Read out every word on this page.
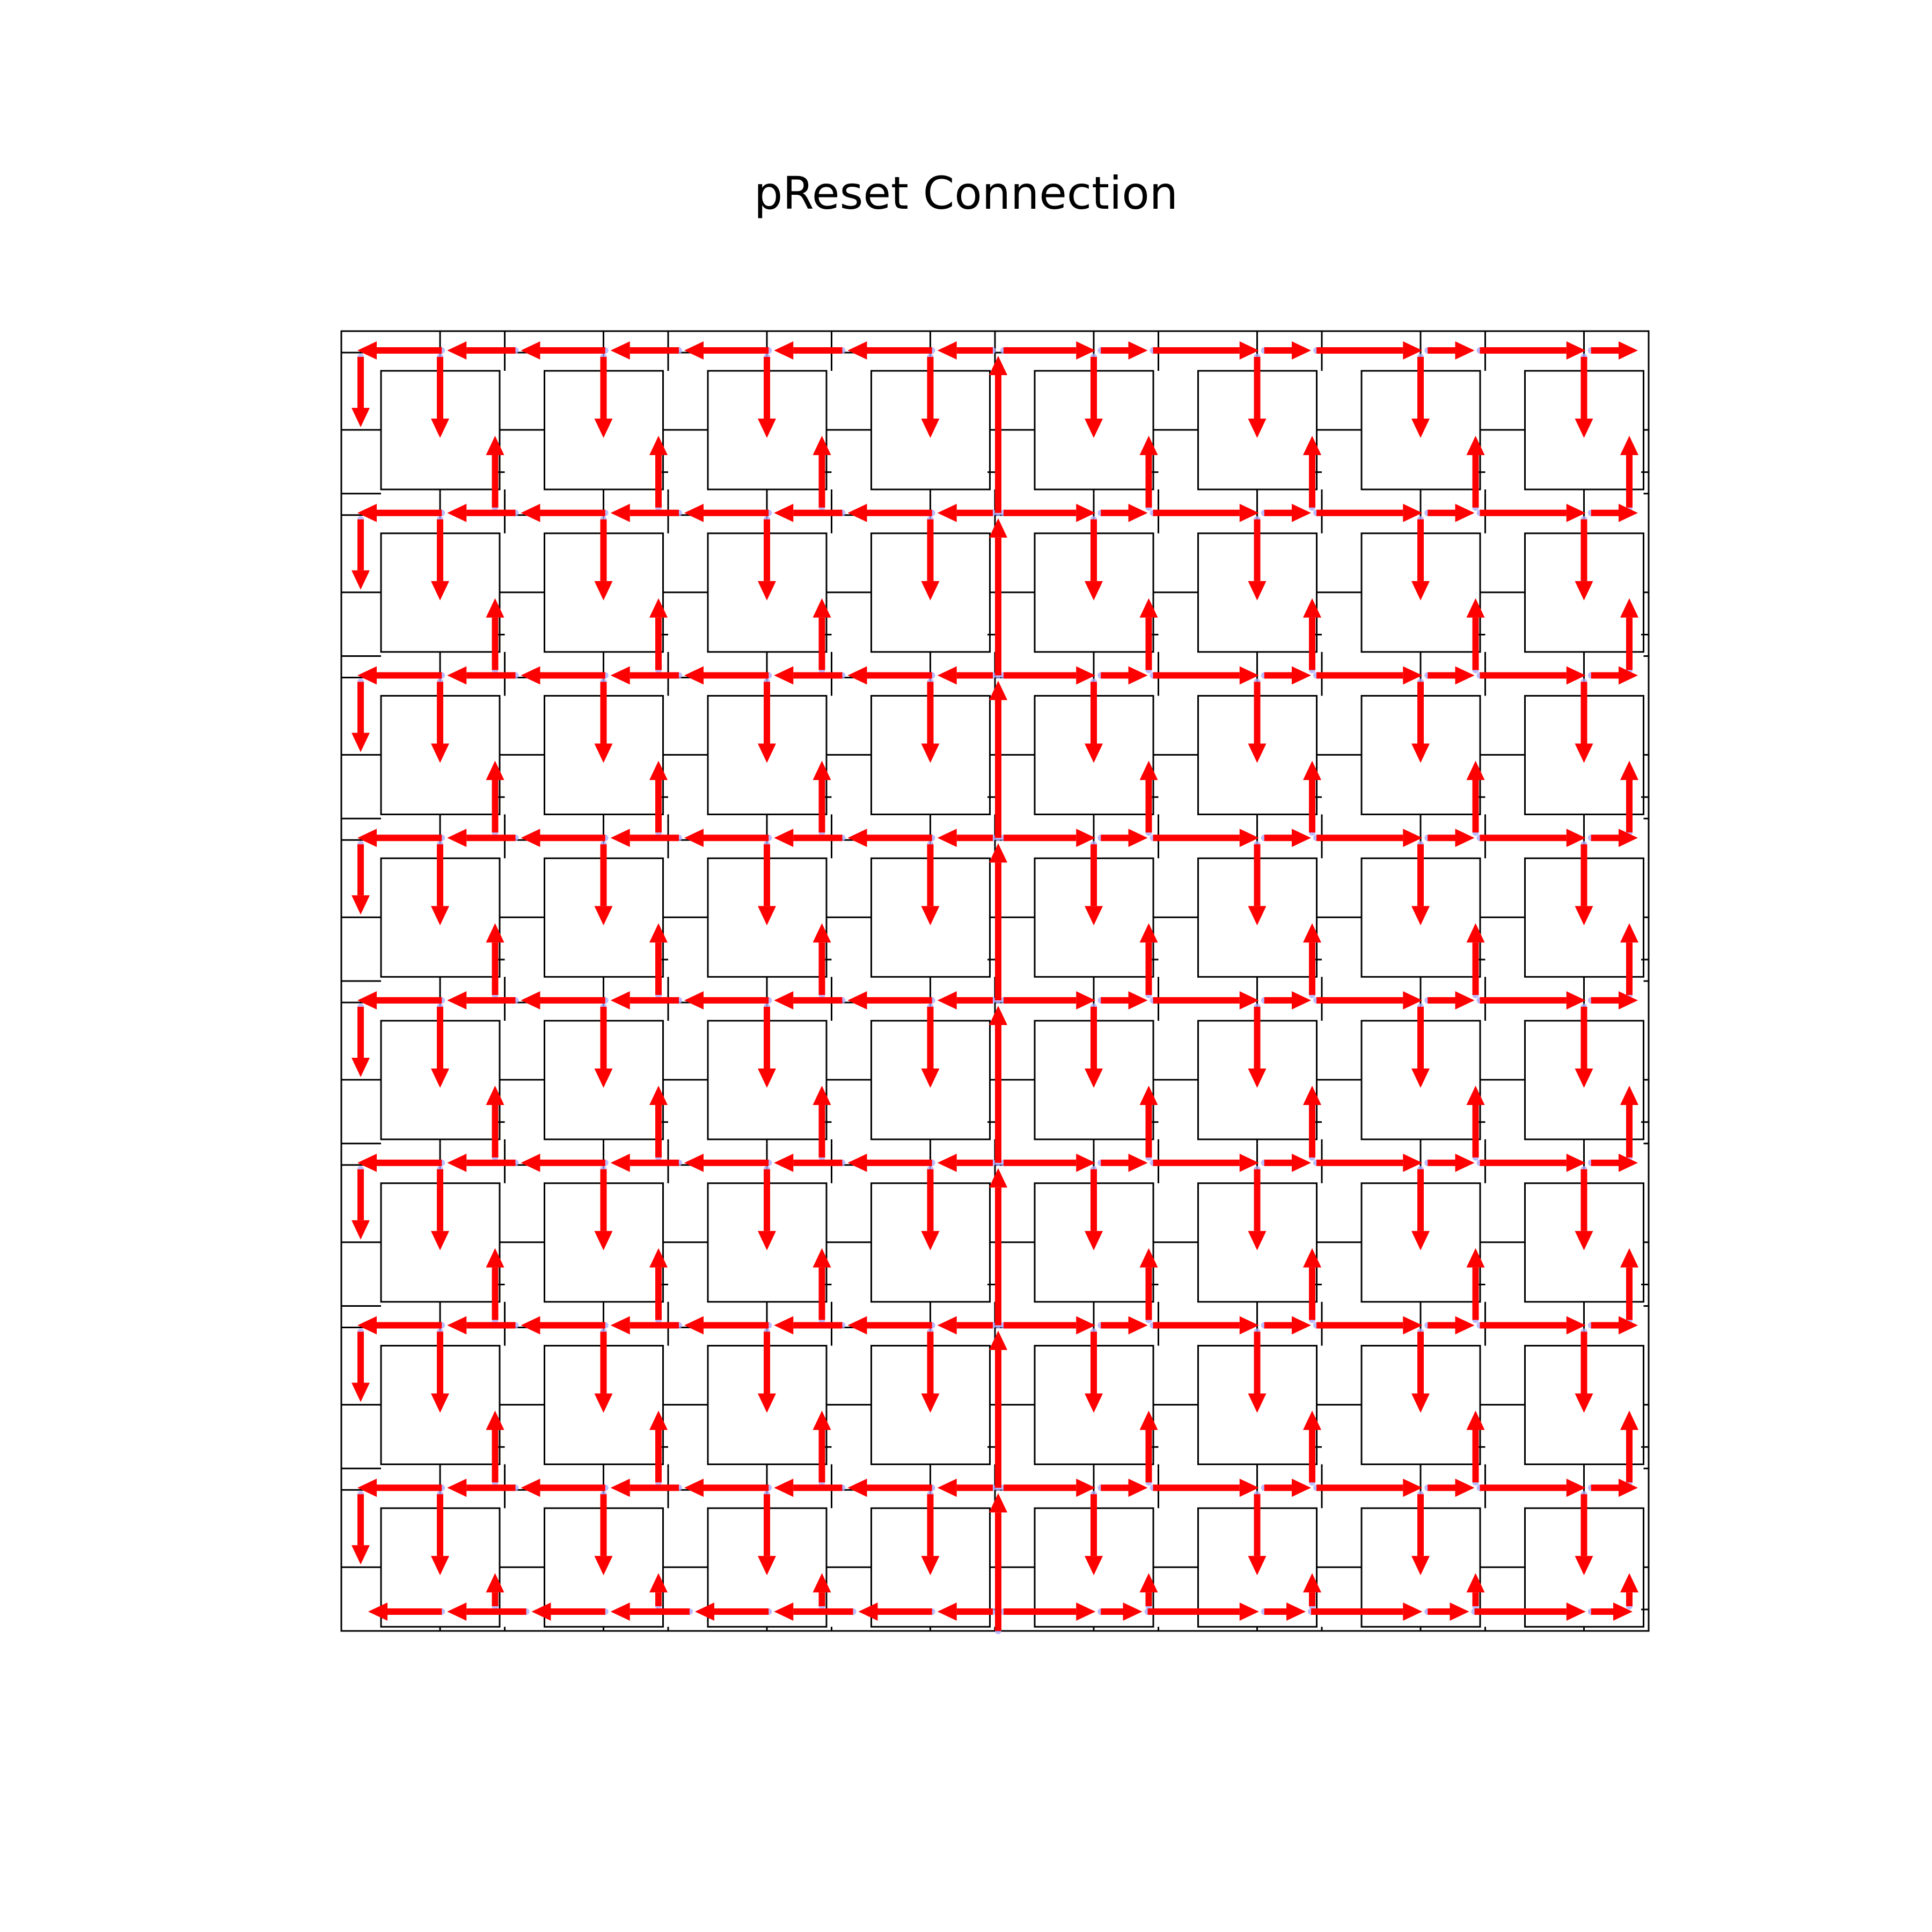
pReset Connection
